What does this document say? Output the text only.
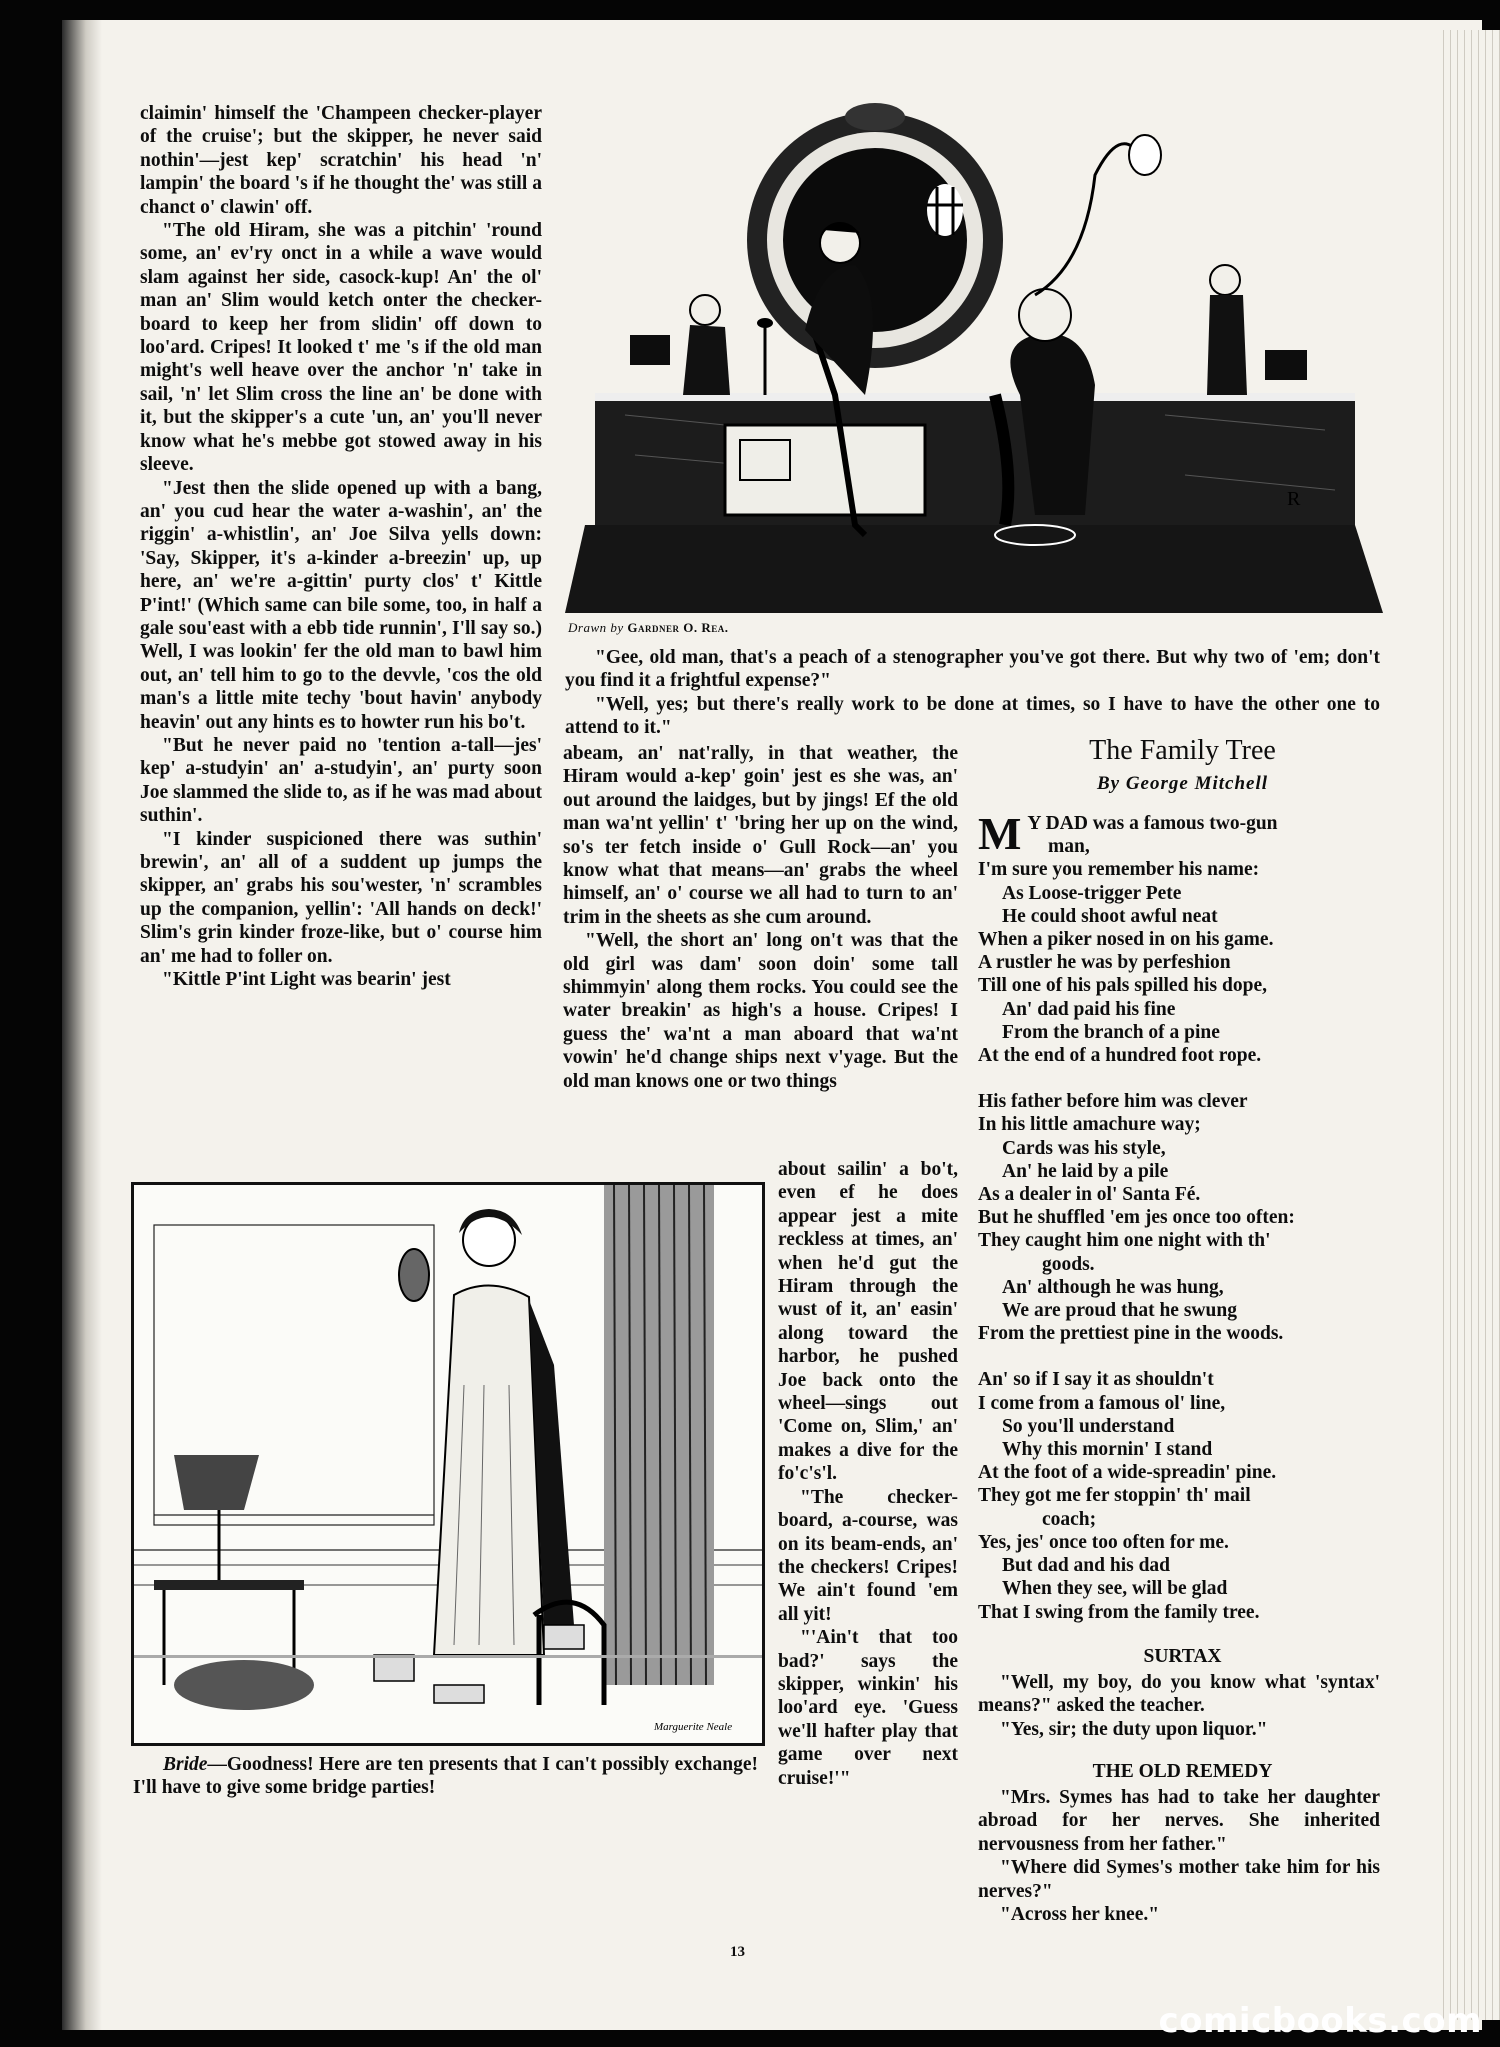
claimin' himself the 'Champeen checker-player of the cruise'; but the skipper, he never said nothin'—jest kep' scratchin' his head 'n' lampin' the board 's if he thought the' was still a chanct o' clawin' off.

"The old Hiram, she was a pitchin' 'round some, an' ev'ry onct in a while a wave would slam against her side, casock-kup! An' the ol' man an' Slim would ketch onter the checker-board to keep her from slidin' off down to loo'ard. Cripes! It looked t' me 's if the old man might's well heave over the anchor 'n' take in sail, 'n' let Slim cross the line an' be done with it, but the skipper's a cute 'un, an' you'll never know what he's mebbe got stowed away in his sleeve.

"Jest then the slide opened up with a bang, an' you cud hear the water a-washin', an' the riggin' a-whistlin', an' Joe Silva yells down: 'Say, Skipper, it's a-kinder a-breezin' up, up here, an' we're a-gittin' purty clos' t' Kittle P'int!' (Which same can bile some, too, in half a gale sou'east with a ebb tide runnin', I'll say so.) Well, I was lookin' fer the old man to bawl him out, an' tell him to go to the devvle, 'cos the old man's a little mite techy 'bout havin' anybody heavin' out any hints es to howter run his bo't.

"But he never paid no 'tention a-tall—jes' kep' a-studyin' an' a-studyin', an' purty soon Joe slammed the slide to, as if he was mad about suthin'.

"I kinder suspicioned there was suthin' brewin', an' all of a suddent up jumps the skipper, an' grabs his sou'wester, 'n' scrambles up the companion, yellin': 'All hands on deck!' Slim's grin kinder froze-like, but o' course him an' me had to foller on.

"Kittle P'int Light was bearin' jest

R
Drawn by Gardner O. Rea.

"Gee, old man, that's a peach of a stenographer you've got there. But why two of 'em; don't you find it a frightful expense?"

"Well, yes; but there's really work to be done at times, so I have to have the other one to attend to it."

abeam, an' nat'rally, in that weather, the Hiram would a-kep' goin' jest es she was, an' out around the laidges, but by jings! Ef the old man wa'nt yellin' t' 'bring her up on the wind, so's ter fetch inside o' Gull Rock—an' you know what that means—an' grabs the wheel himself, an' o' course we all had to turn to an' trim in the sheets as she cum around.

"Well, the short an' long on't was that the old girl was dam' soon doin' some tall shimmyin' along them rocks. You could see the water breakin' as high's a house. Cripes! I guess the' wa'nt a man aboard that wa'nt vowin' he'd change ships next v'yage. But the old man knows one or two things

about sailin' a bo't, even ef he does appear jest a mite reckless at times, an' when he'd gut the Hiram through the wust of it, an' easin' along toward the harbor, he pushed Joe back onto the wheel—sings out 'Come on, Slim,' an' makes a dive for the fo'c's'l.

"The checker-board, a-course, was on its beam-ends, an' the checkers! Cripes! We ain't found 'em all yit!

"'Ain't that too bad?' says the skipper, winkin' his loo'ard eye. 'Guess we'll hafter play that game over next cruise!'"

Marguerite Neale
Bride—Goodness! Here are ten presents that I can't possibly exchange! I'll have to give some bridge parties!
The Family Tree
By George Mitchell
M Y DAD was a famous two-gun
man,
I'm sure you remember his name:
As Loose-trigger Pete
He could shoot awful neat
When a piker nosed in on his game.
A rustler he was by perfeshion
Till one of his pals spilled his dope,
An' dad paid his fine
From the branch of a pine
At the end of a hundred foot rope.
His father before him was clever
In his little amachure way;
Cards was his style,
An' he laid by a pile
As a dealer in ol' Santa Fé.
But he shuffled 'em jes once too often:
They caught him one night with th'
goods.
An' although he was hung,
We are proud that he swung
From the prettiest pine in the woods.
An' so if I say it as shouldn't
I come from a famous ol' line,
So you'll understand
Why this mornin' I stand
At the foot of a wide-spreadin' pine.
They got me fer stoppin' th' mail
coach;
Yes, jes' once too often for me.
But dad and his dad
When they see, will be glad
That I swing from the family tree.
SURTAX

"Well, my boy, do you know what 'syntax' means?" asked the teacher.

"Yes, sir; the duty upon liquor."

THE OLD REMEDY

"Mrs. Symes has had to take her daughter abroad for her nerves. She inherited nervousness from her father."

"Where did Symes's mother take him for his nerves?"

"Across her knee."

13
comicbooks.com
